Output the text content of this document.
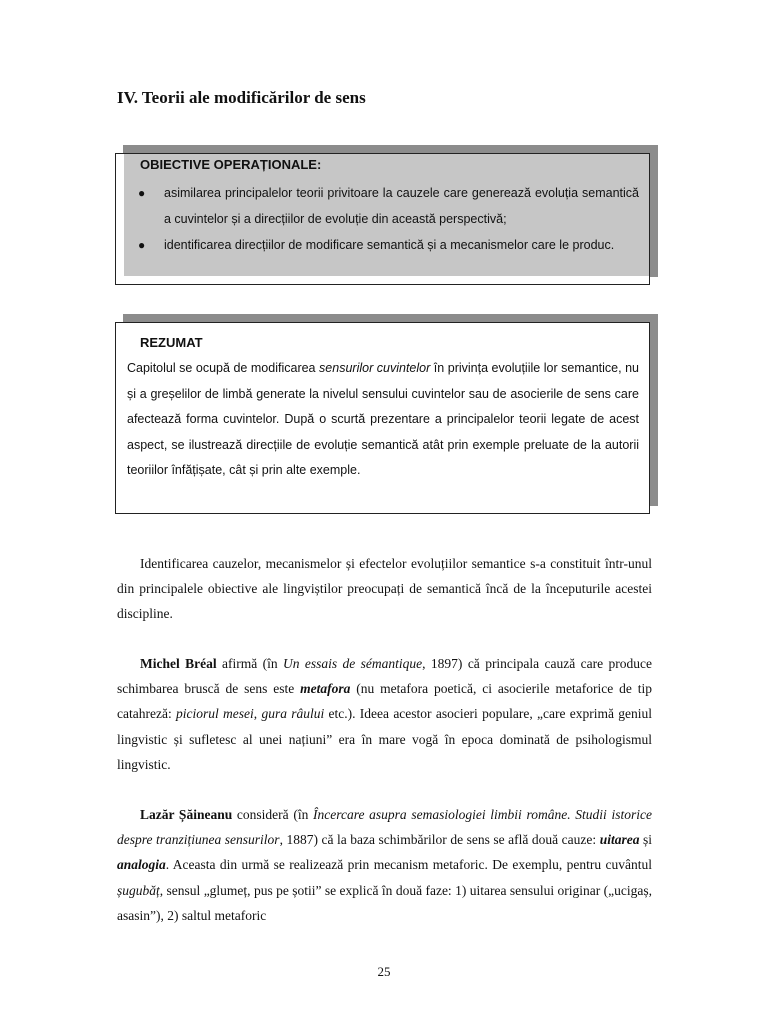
IV. Teorii ale modificărilor de sens

OBIECTIVE OPERAȚIONALE:

● asimilarea principalelor teorii privitoare la cauzele care generează evoluția semantică a cuvintelor și a direcțiilor de evoluție din această perspectivă;
● identificarea direcțiilor de modificare semantică și a mecanismelor care le produc.

REZUMAT

Capitolul se ocupă de modificarea sensurilor cuvintelor în privința evoluțiile lor semantice, nu și a greșelilor de limbă generate la nivelul sensului cuvintelor sau de asocierile de sens care afectează forma cuvintelor. După o scurtă prezentare a principalelor teorii legate de acest aspect, se ilustrează direcțiile de evoluție semantică atât prin exemple preluate de la autorii teoriilor înfățișate, cât și prin alte exemple.

Identificarea cauzelor, mecanismelor și efectelor evoluțiilor semantice s-a constituit într-unul din principalele obiective ale lingviștilor preocupați de semantică încă de la începuturile acestei discipline.

Michel Bréal afirmă (în Un essais de sémantique, 1897) că principala cauză care produce schimbarea bruscă de sens este metafora (nu metafora poetică, ci asocierile metaforice de tip catahreză: piciorul mesei, gura râului etc.). Ideea acestor asocieri populare, „care exprimă geniul lingvistic și sufletesc al unei națiuni” era în mare vogă în epoca dominată de psihologismul lingvistic.

Lazăr Șăineanu consideră (în Încercare asupra semasiologiei limbii române. Studii istorice despre tranzițiunea sensurilor, 1887) că la baza schimbărilor de sens se află două cauze: uitarea și analogia. Aceasta din urmă se realizează prin mecanism metaforic. De exemplu, pentru cuvântul șugubăț, sensul „glumeț, pus pe șotii” se explică în două faze: 1) uitarea sensului originar („ucigaș, asasin”), 2) saltul metaforic

25
